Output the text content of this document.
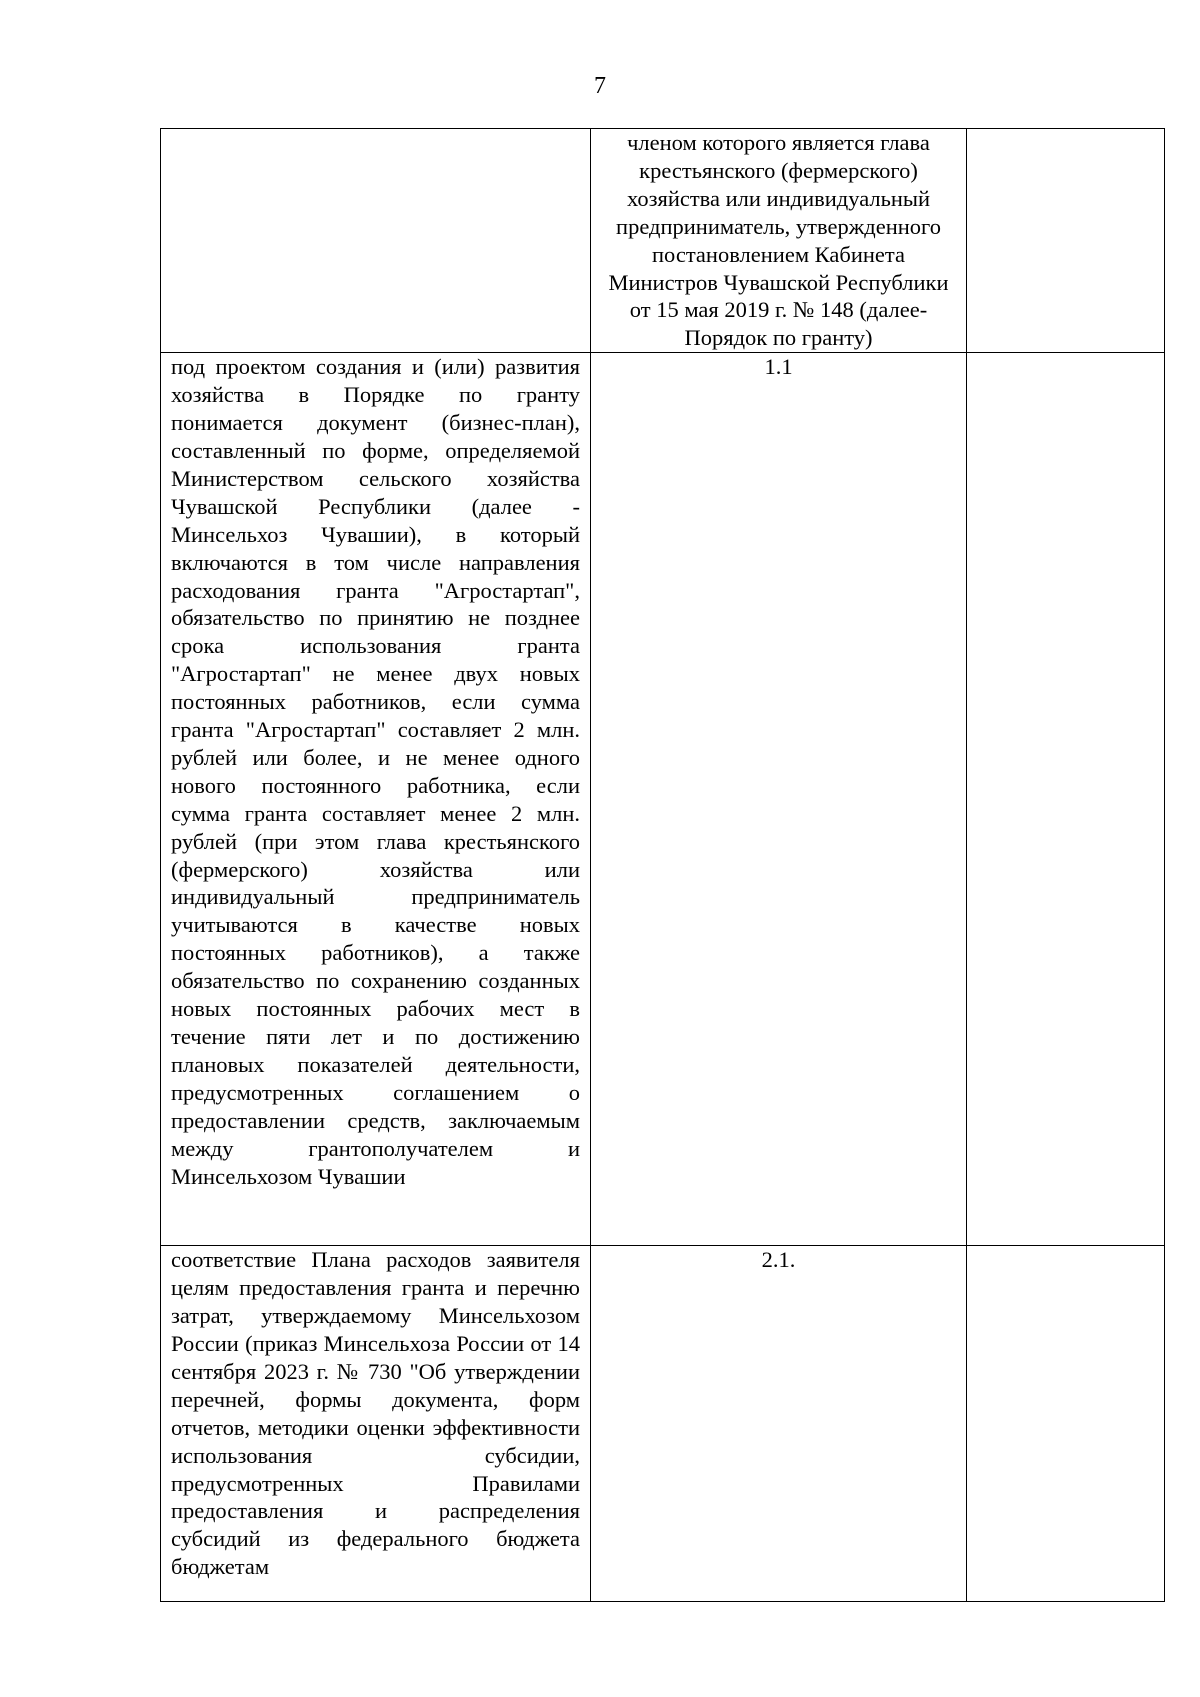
7
	членом которого является глава крестьянского (фермерского) хозяйства или индивидуальный предприниматель, утвержденного постановлением Кабинета Министров Чувашской Республики от 15 мая 2019 г. № 148 (далее- Порядок по гранту)	
под проектом создания и (или) развития хозяйства в Порядке по гранту понимается документ (бизнес-план), составленный по форме, определяемой Министерством сельского хозяйства Чувашской Республики (далее - Минсельхоз Чувашии), в который включаются в том числе направления расходования гранта "Агростартап", обязательство по принятию не позднее срока использования гранта "Агростартап" не менее двух новых постоянных работников, если сумма гранта "Агростартап" составляет 2 млн. рублей или более, и не менее одного нового постоянного работника, если сумма гранта составляет менее 2 млн. рублей (при этом глава крестьянского (фермерского) хозяйства или индивидуальный предприниматель учитываются в качестве новых постоянных работников), а также обязательство по сохранению созданных новых постоянных рабочих мест в течение пяти лет и по достижению плановых показателей деятельности, предусмотренных соглашением о предоставлении средств, заключаемым между грантополучателем и Минсельхозом Чувашии	1.1	
соответствие Плана расходов заявителя целям предоставления гранта и перечню затрат, утверждаемому Минсельхозом России (приказ Минсельхоза России от 14 сентября 2023 г. № 730 "Об утверждении перечней, формы документа, форм отчетов, методики оценки эффективности использования субсидии, предусмотренных Правилами предоставления и распределения субсидий из федерального бюджета бюджетам	2.1.	
